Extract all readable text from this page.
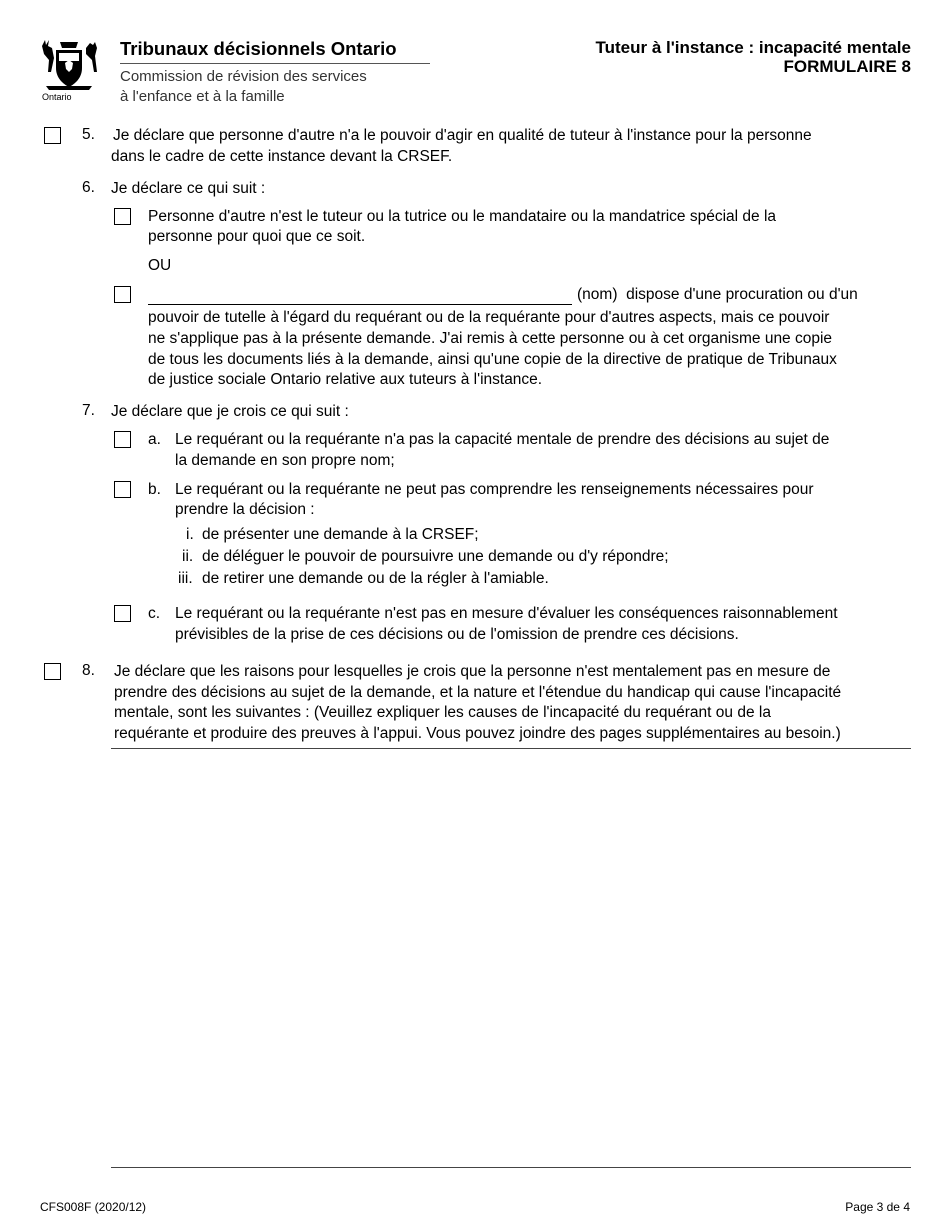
Ontario
Tribunaux décisionnels Ontario
Commission de révision des services
à l'enfance et à la famille
Tuteur à l'instance : incapacité mentale
FORMULAIRE 8
5. Je déclare que personne d'autre n'a le pouvoir d'agir en qualité de tuteur à l'instance pour la personne
dans le cadre de cette instance devant la CRSEF.
6. Je déclare ce qui suit :
Personne d'autre n'est le tuteur ou la tutrice ou le mandataire ou la mandatrice spécial de la
personne pour quoi que ce soit.
OU
(nom)  dispose d'une procuration ou d'un
pouvoir de tutelle à l'égard du requérant ou de la requérante pour d'autres aspects, mais ce pouvoir
ne s'applique pas à la présente demande. J'ai remis à cette personne ou à cet organisme une copie
de tous les documents liés à la demande, ainsi qu'une copie de la directive de pratique de Tribunaux
de justice sociale Ontario relative aux tuteurs à l'instance.
7. Je déclare que je crois ce qui suit :
a. Le requérant ou la requérante n'a pas la capacité mentale de prendre des décisions au sujet de
la demande en son propre nom;
b. Le requérant ou la requérante ne peut pas comprendre les renseignements nécessaires pour
prendre la décision :
i. de présenter une demande à la CRSEF;
ii. de déléguer le pouvoir de poursuivre une demande ou d'y répondre;
iii. de retirer une demande ou de la régler à l'amiable.
c. Le requérant ou la requérante n'est pas en mesure d'évaluer les conséquences raisonnablement
prévisibles de la prise de ces décisions ou de l'omission de prendre ces décisions.
8. Je déclare que les raisons pour lesquelles je crois que la personne n'est mentalement pas en mesure de
prendre des décisions au sujet de la demande, et la nature et l'étendue du handicap qui cause l'incapacité
mentale, sont les suivantes : (Veuillez expliquer les causes de l'incapacité du requérant ou de la
requérante et produire des preuves à l'appui. Vous pouvez joindre des pages supplémentaires au besoin.)
CFS008F (2020/12)	Page 3 de 4
